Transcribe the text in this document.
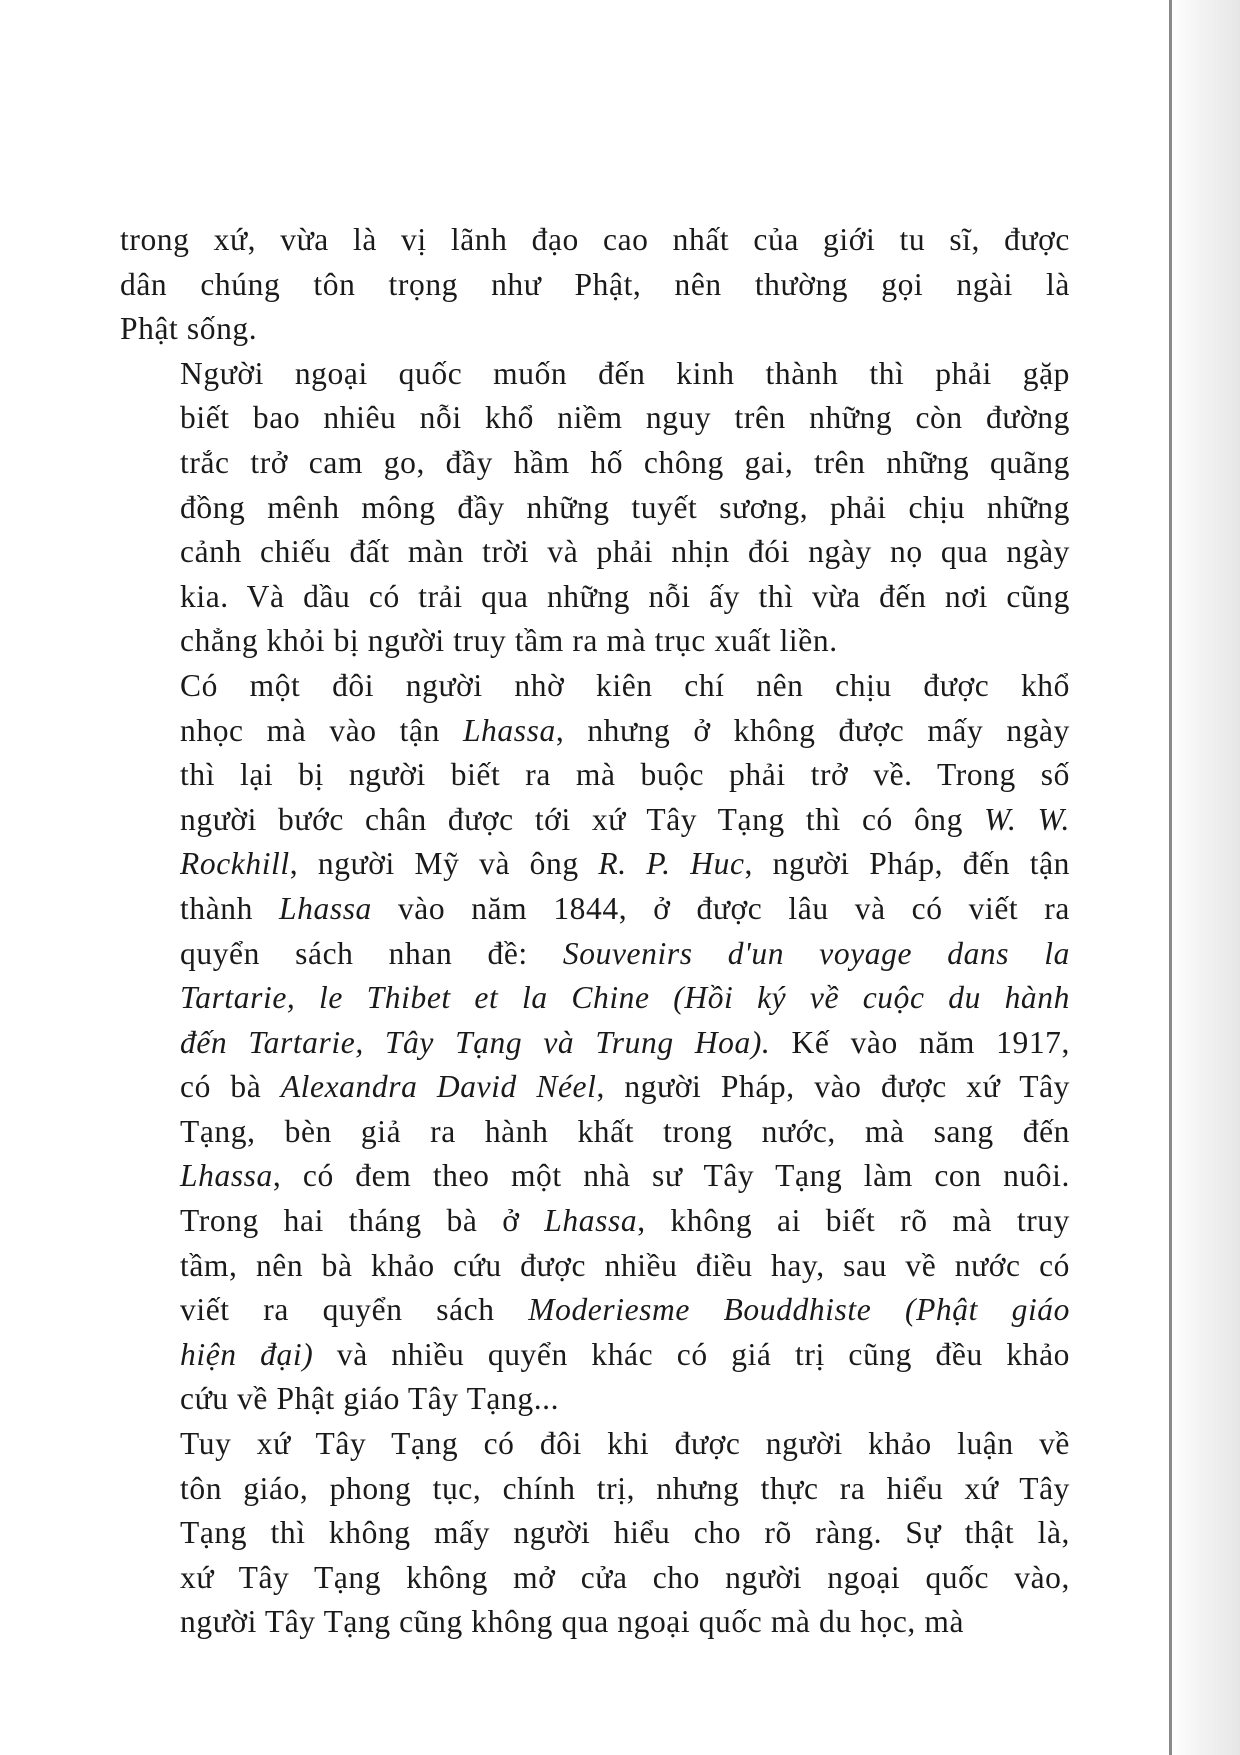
trong xứ, vừa là vị lãnh đạo cao nhất của giới tu sĩ, được
dân chúng tôn trọng như Phật, nên thường gọi ngài là
Phật sống.

Người ngoại quốc muốn đến kinh thành thì phải gặp
biết bao nhiêu nỗi khổ niềm nguy trên những còn đường
trắc trở cam go, đầy hầm hố chông gai, trên những quãng
đồng mênh mông đầy những tuyết sương, phải chịu những
cảnh chiếu đất màn trời và phải nhịn đói ngày nọ qua ngày
kia. Và dầu có trải qua những nỗi ấy thì vừa đến nơi cũng
chẳng khỏi bị người truy tầm ra mà trục xuất liền.

Có một đôi người nhờ kiên chí nên chịu được khổ
nhọc mà vào tận Lhassa, nhưng ở không được mấy ngày
thì lại bị người biết ra mà buộc phải trở về. Trong số
người bước chân được tới xứ Tây Tạng thì có ông W. W.
Rockhill, người Mỹ và ông R. P. Huc, người Pháp, đến tận
thành Lhassa vào năm 1844, ở được lâu và có viết ra
quyển sách nhan đề: Souvenirs d'un voyage dans la
Tartarie, le Thibet et la Chine (Hồi ký về cuộc du hành
đến Tartarie, Tây Tạng và Trung Hoa). Kế vào năm 1917,
có bà Alexandra David Néel, người Pháp, vào được xứ Tây
Tạng, bèn giả ra hành khất trong nước, mà sang đến
Lhassa, có đem theo một nhà sư Tây Tạng làm con nuôi.
Trong hai tháng bà ở Lhassa, không ai biết rõ mà truy
tầm, nên bà khảo cứu được nhiều điều hay, sau về nước có
viết ra quyển sách Moderiesme Bouddhiste (Phật giáo
hiện đại) và nhiều quyển khác có giá trị cũng đều khảo
cứu về Phật giáo Tây Tạng...

Tuy xứ Tây Tạng có đôi khi được người khảo luận về
tôn giáo, phong tục, chính trị, nhưng thực ra hiểu xứ Tây
Tạng thì không mấy người hiểu cho rõ ràng. Sự thật là,
xứ Tây Tạng không mở cửa cho người ngoại quốc vào,
người Tây Tạng cũng không qua ngoại quốc mà du học, mà
